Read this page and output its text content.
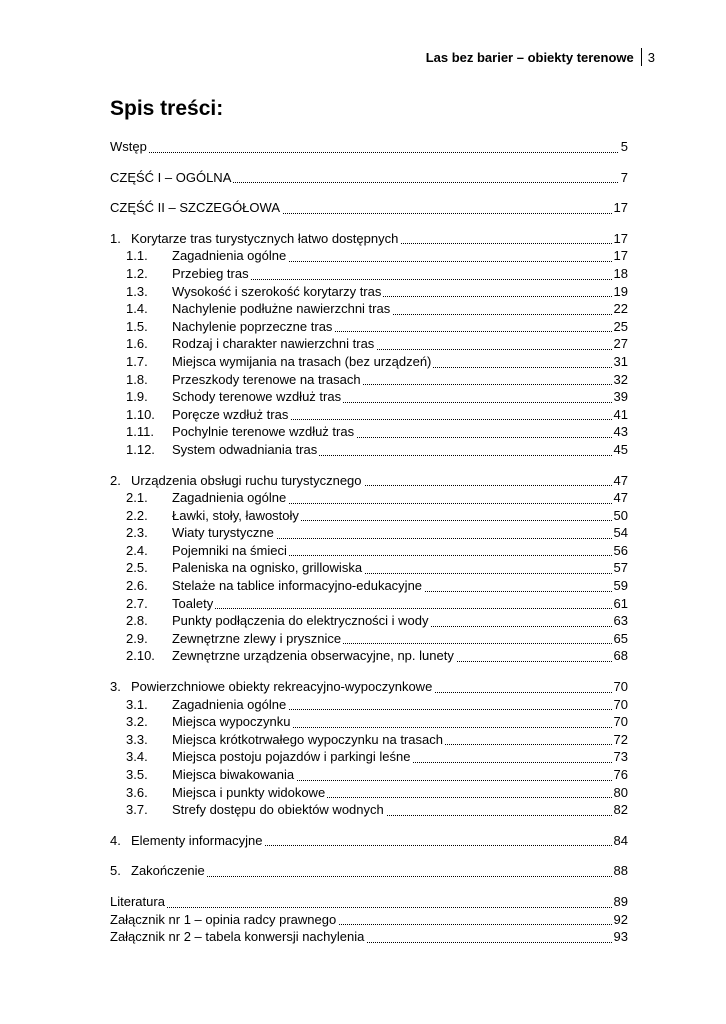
Las bez barier – obiekty terenowe 3
Spis treści:
Wstęp	5
CZĘŚĆ I – OGÓLNA	7
CZĘŚĆ II – SZCZEGÓŁOWA	17
1. Korytarze tras turystycznych łatwo dostępnych	17
1.1. Zagadnienia ogólne	17
1.2. Przebieg tras	18
1.3. Wysokość i szerokość korytarzy tras	19
1.4. Nachylenie podłużne nawierzchni tras	22
1.5. Nachylenie poprzeczne tras	25
1.6. Rodzaj i charakter nawierzchni tras	27
1.7. Miejsca wymijania na trasach (bez urządzeń)	31
1.8. Przeszkody terenowe na trasach	32
1.9. Schody terenowe wzdłuż tras	39
1.10. Poręcze wzdłuż tras	41
1.11. Pochylnie terenowe wzdłuż tras	43
1.12. System odwadniania tras	45
2. Urządzenia obsługi ruchu turystycznego	47
2.1. Zagadnienia ogólne	47
2.2. Ławki, stoły, ławostoły	50
2.3. Wiaty turystyczne	54
2.4. Pojemniki na śmieci	56
2.5. Paleniska na ognisko, grillowiska	57
2.6. Stelaże na tablice informacyjno-edukacyjne	59
2.7. Toalety	61
2.8. Punkty podłączenia do elektryczności i wody	63
2.9. Zewnętrzne zlewy i prysznice	65
2.10. Zewnętrzne urządzenia obserwacyjne, np. lunety	68
3. Powierzchniowe obiekty rekreacyjno-wypoczynkowe	70
3.1. Zagadnienia ogólne	70
3.2. Miejsca wypoczynku	70
3.3. Miejsca krótkotrwałego wypoczynku na trasach	72
3.4. Miejsca postoju pojazdów i parkingi leśne	73
3.5. Miejsca biwakowania	76
3.6. Miejsca i punkty widokowe	80
3.7. Strefy dostępu do obiektów wodnych	82
4. Elementy informacyjne	84
5. Zakończenie	88
Literatura	89
Załącznik nr 1 – opinia radcy prawnego	92
Załącznik nr 2 – tabela konwersji nachylenia	93
